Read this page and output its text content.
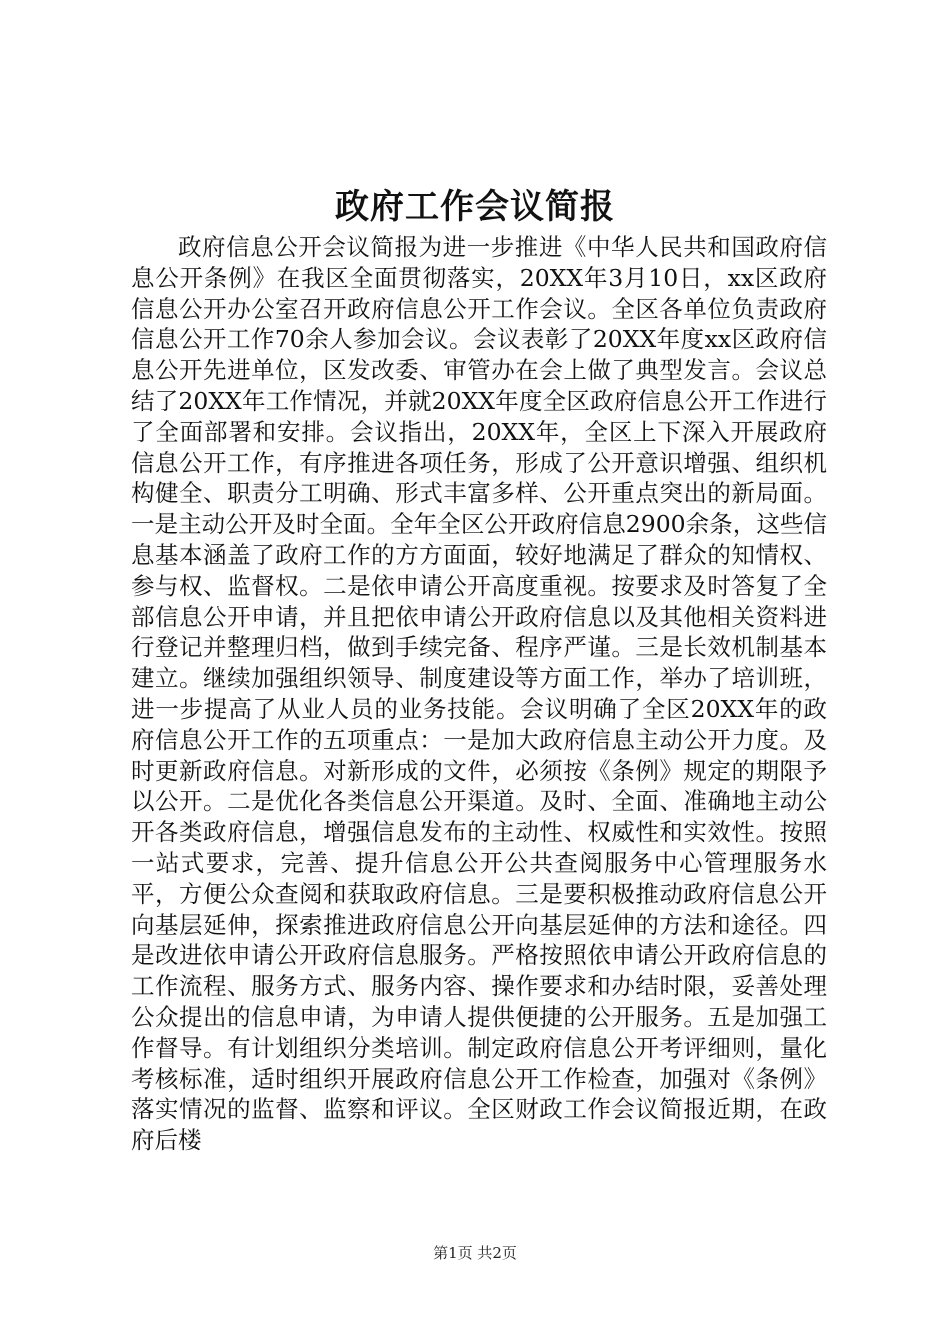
政府工作会议简报

政府信息公开会议简报为进一步推进《中华人民共和国政府信息公开条例》在我区全面贯彻落实，20XX年3月10日，xx区政府信息公开办公室召开政府信息公开工作会议。全区各单位负责政府信息公开工作70余人参加会议。会议表彰了20XX年度xx区政府信息公开先进单位，区发改委、审管办在会上做了典型发言。会议总结了20XX年工作情况，并就20XX年度全区政府信息公开工作进行了全面部署和安排。会议指出，20XX年，全区上下深入开展政府信息公开工作，有序推进各项任务，形成了公开意识增强、组织机构健全、职责分工明确、形式丰富多样、公开重点突出的新局面。一是主动公开及时全面。全年全区公开政府信息2900余条，这些信息基本涵盖了政府工作的方方面面，较好地满足了群众的知情权、参与权、监督权。二是依申请公开高度重视。按要求及时答复了全部信息公开申请，并且把依申请公开政府信息以及其他相关资料进行登记并整理归档，做到手续完备、程序严谨。三是长效机制基本建立。继续加强组织领导、制度建设等方面工作，举办了培训班，进一步提高了从业人员的业务技能。会议明确了全区20XX年的政府信息公开工作的五项重点：一是加大政府信息主动公开力度。及时更新政府信息。对新形成的文件，必须按《条例》规定的期限予以公开。二是优化各类信息公开渠道。及时、全面、准确地主动公开各类政府信息，增强信息发布的主动性、权威性和实效性。按照一站式要求，完善、提升信息公开公共查阅服务中心管理服务水平，方便公众查阅和获取政府信息。三是要积极推动政府信息公开向基层延伸，探索推进政府信息公开向基层延伸的方法和途径。四是改进依申请公开政府信息服务。严格按照依申请公开政府信息的工作流程、服务方式、服务内容、操作要求和办结时限，妥善处理公众提出的信息申请，为申请人提供便捷的公开服务。五是加强工作督导。有计划组织分类培训。制定政府信息公开考评细则，量化考核标准，适时组织开展政府信息公开工作检查，加强对《条例》落实情况的监督、监察和评议。全区财政工作会议简报近期，在政府后楼

第1页 共2页
